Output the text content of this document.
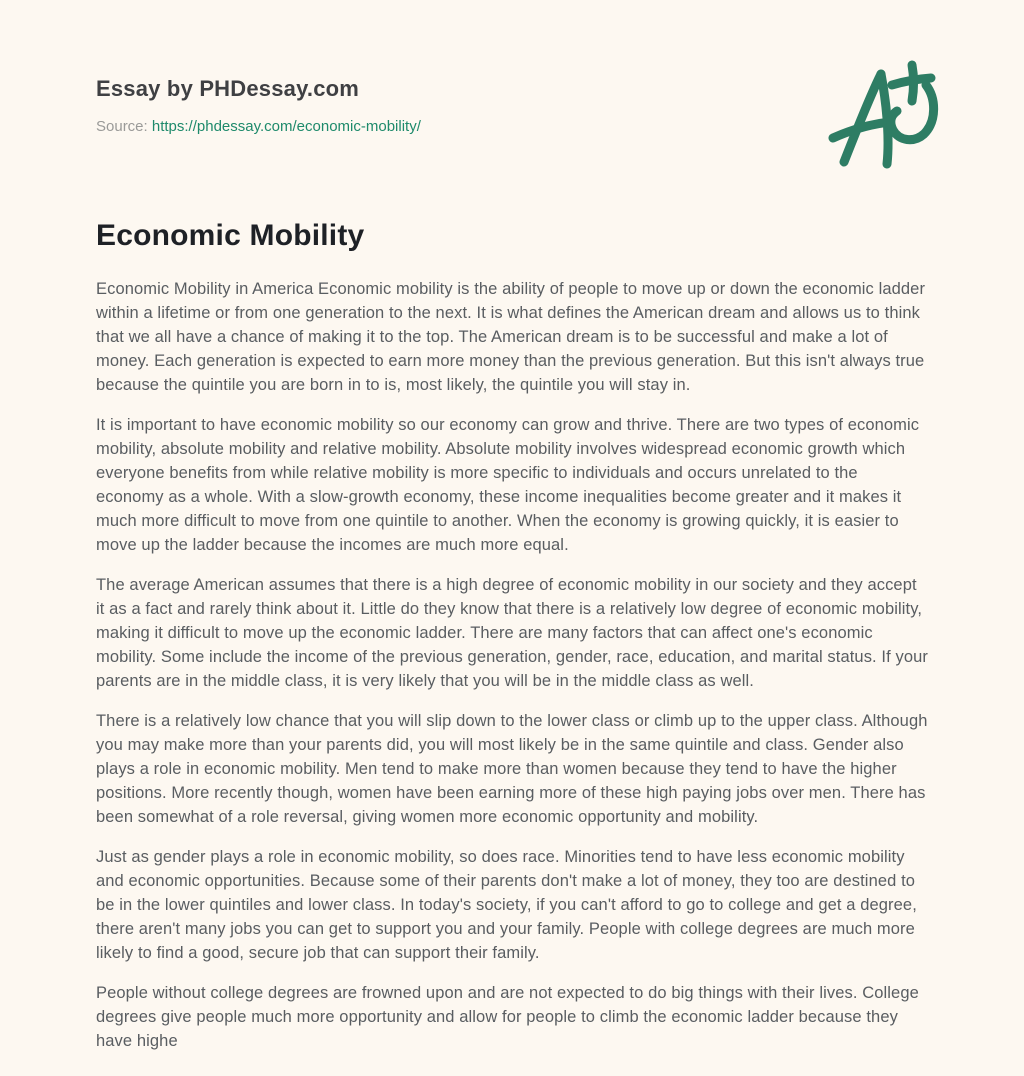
Essay by PHDessay.com
Source: https://phdessay.com/economic-mobility/
Economic Mobility

Economic Mobility in America Economic mobility is the ability of people to move up or down the economic ladder within a lifetime or from one generation to the next. It is what defines the American dream and allows us to think that we all have a chance of making it to the top. The American dream is to be successful and make a lot of money. Each generation is expected to earn more money than the previous generation. But this isn't always true because the quintile you are born in to is, most likely, the quintile you will stay in.

It is important to have economic mobility so our economy can grow and thrive. There are two types of economic mobility, absolute mobility and relative mobility. Absolute mobility involves widespread economic growth which everyone benefits from while relative mobility is more specific to individuals and occurs unrelated to the economy as a whole. With a slow-growth economy, these income inequalities become greater and it makes it much more difficult to move from one quintile to another. When the economy is growing quickly, it is easier to move up the ladder because the incomes are much more equal.

The average American assumes that there is a high degree of economic mobility in our society and they accept it as a fact and rarely think about it. Little do they know that there is a relatively low degree of economic mobility, making it difficult to move up the economic ladder. There are many factors that can affect one's economic mobility. Some include the income of the previous generation, gender, race, education, and marital status. If your parents are in the middle class, it is very likely that you will be in the middle class as well.

There is a relatively low chance that you will slip down to the lower class or climb up to the upper class. Although you may make more than your parents did, you will most likely be in the same quintile and class. Gender also plays a role in economic mobility. Men tend to make more than women because they tend to have the higher positions. More recently though, women have been earning more of these high paying jobs over men. There has been somewhat of a role reversal, giving women more economic opportunity and mobility.

Just as gender plays a role in economic mobility, so does race. Minorities tend to have less economic mobility and economic opportunities. Because some of their parents don't make a lot of money, they too are destined to be in the lower quintiles and lower class. In today's society, if you can't afford to go to college and get a degree, there aren't many jobs you can get to support you and your family. People with college degrees are much more likely to find a good, secure job that can support their family.

People without college degrees are frowned upon and are not expected to do big things with their lives. College degrees give people much more opportunity and allow for people to climb the economic ladder because they have highe
